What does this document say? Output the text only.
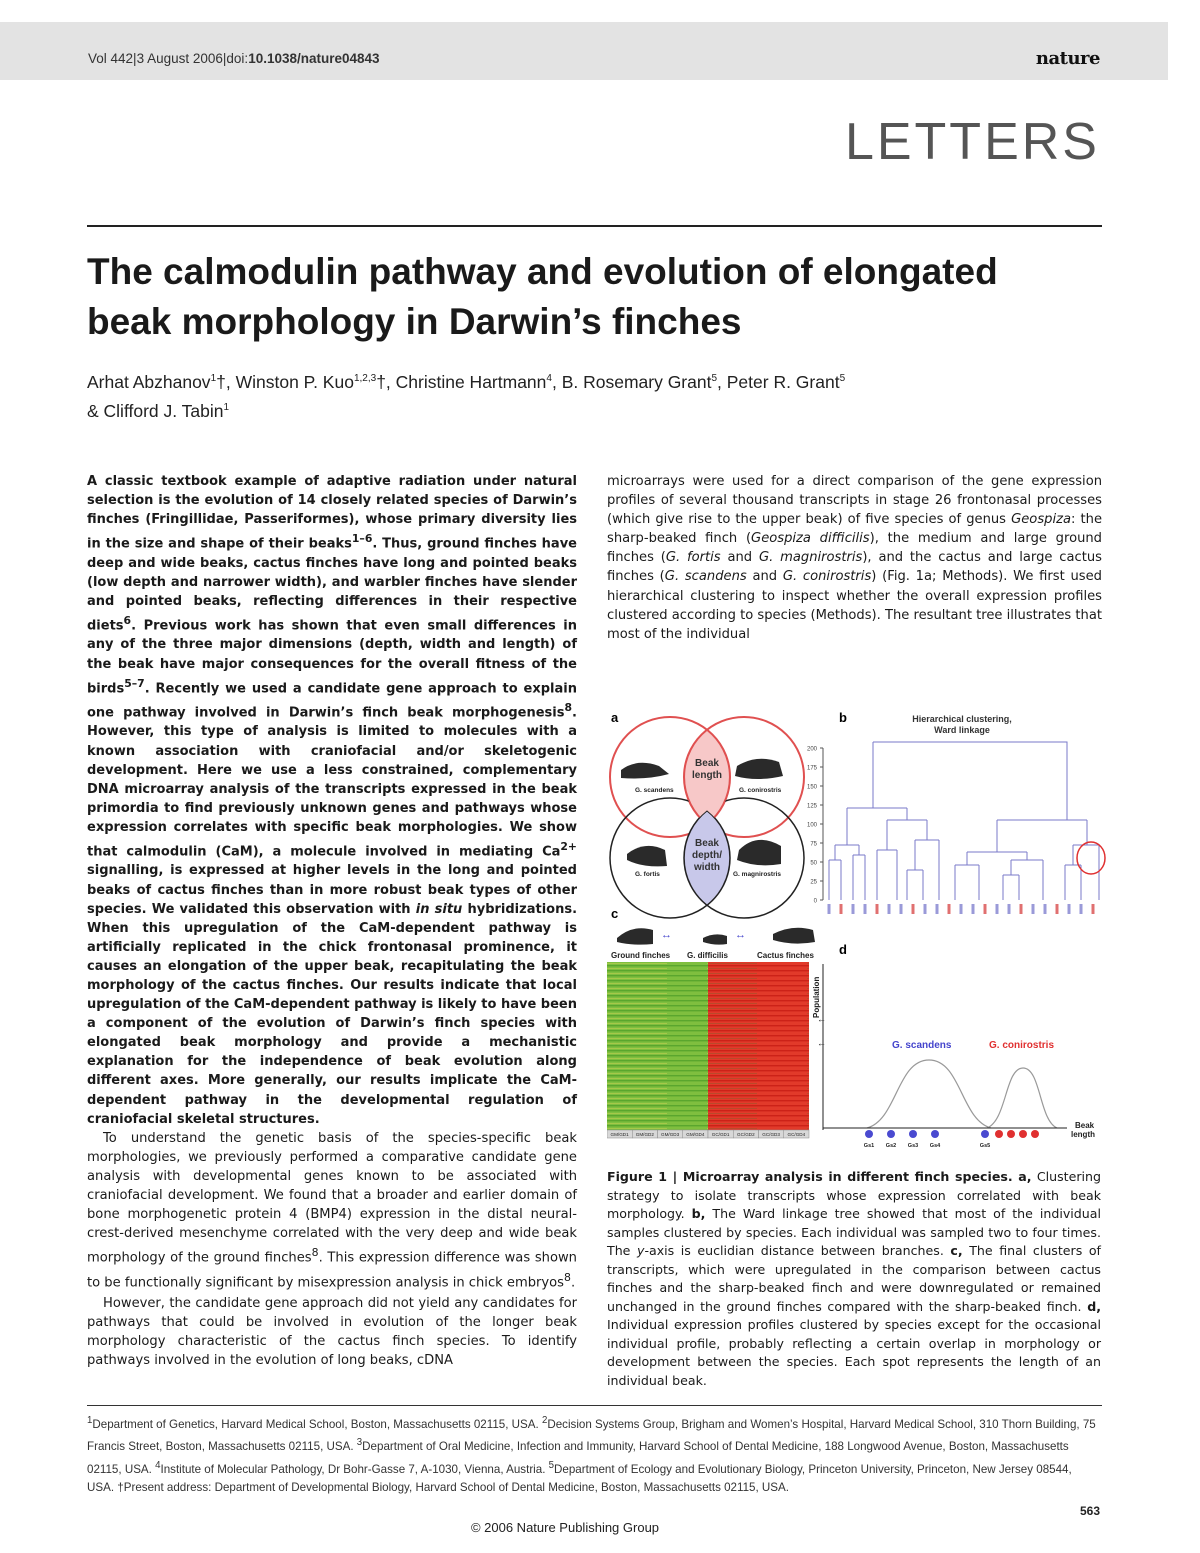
Vol 442|3 August 2006|doi:10.1038/nature04843	nature
LETTERS
The calmodulin pathway and evolution of elongated
beak morphology in Darwin’s finches
Arhat Abzhanov$^1$†, Winston P. Kuo$^{1,2,3}$†, Christine Hartmann$^4$, B. Rosemary Grant$^5$, Peter R. Grant$^5$
& Clifford J. Tabin$^1$

A classic textbook example of adaptive radiation under natural selection is the evolution of 14 closely related species of Darwin’s finches (Fringillidae, Passeriformes), whose primary diversity lies in the size and shape of their beaks$^{1-6}$. Thus, ground finches have deep and wide beaks, cactus finches have long and pointed beaks (low depth and narrower width), and warbler finches have slender and pointed beaks, reflecting differences in their respective diets$^6$. Previous work has shown that even small differences in any of the three major dimensions (depth, width and length) of the beak have major consequences for the overall fitness of the birds$^{5-7}$. Recently we used a candidate gene approach to explain one pathway involved in Darwin’s finch beak morphogenesis$^8$. However, this type of analysis is limited to molecules with a known association with craniofacial and/or skeletogenic development. Here we use a less constrained, complementary DNA microarray analysis of the transcripts expressed in the beak primordia to find previously unknown genes and pathways whose expression correlates with specific beak morphologies. We show that calmodulin (CaM), a molecule involved in mediating $Ca^{2+}$ signalling, is expressed at higher levels in the long and pointed beaks of cactus finches than in more robust beak types of other species. We validated this observation with in situ hybridizations. When this upregulation of the CaM-dependent pathway is artificially replicated in the chick frontonasal prominence, it causes an elongation of the upper beak, recapitulating the beak morphology of the cactus finches. Our results indicate that local upregulation of the CaM-dependent pathway is likely to have been a component of the evolution of Darwin’s finch species with elongated beak morphology and provide a mechanistic explanation for the independence of beak evolution along different axes. More generally, our results implicate the CaM-dependent pathway in the developmental regulation of craniofacial skeletal structures.

To understand the genetic basis of the species-specific beak morphologies, we previously performed a comparative candidate gene analysis with developmental genes known to be associated with craniofacial development. We found that a broader and earlier domain of bone morphogenetic protein 4 (BMP4) expression in the distal neural-crest-derived mesenchyme correlated with the very deep and wide beak morphology of the ground finches$^8$. This expression difference was shown to be functionally significant by misexpression analysis in chick embryos$^8$.

However, the candidate gene approach did not yield any candidates for pathways that could be involved in evolution of the longer beak morphology characteristic of the cactus finch species. To identify pathways involved in the evolution of long beaks, cDNA

microarrays were used for a direct comparison of the gene expression profiles of several thousand transcripts in stage 26 frontonasal processes (which give rise to the upper beak) of five species of genus Geospiza: the sharp-beaked finch (Geospiza difficilis), the medium and large ground finches (G. fortis and G. magnirostris), and the cactus and large cactus finches (G. scandens and G. conirostris) (Fig. 1a; Methods). We first used hierarchical clustering to inspect whether the overall expression profiles clustered according to species (Methods). The resultant tree illustrates that most of the individual

a
Beak length
Beak depth/ width
G. scandens	G. conirostris
G. fortis	G. magnirostris
b	Hierarchical clustering, Ward linkage
200
175
150
125
100
75
50
25
0
c
↔	↔
Ground finches G. difficilis	Cactus finches
GM/GD1 GM/GD2 GM/GD3 GM/GD4 GC/GD1 GC/GD2 GC/GD3 GC/GD4
d
Population
←
←	G. scandens	G. conirostris
Beak length
Gs1 Gs2 Gs3 Gs4	Gs5
Figure 1 | Microarray analysis in different finch species. a, Clustering strategy to isolate transcripts whose expression correlated with beak morphology. b, The Ward linkage tree showed that most of the individual samples clustered by species. Each individual was sampled two to four times. The y-axis is euclidian distance between branches. c, The final clusters of transcripts, which were upregulated in the comparison between cactus finches and the sharp-beaked finch and were downregulated or remained unchanged in the ground finches compared with the sharp-beaked finch. d, Individual expression profiles clustered by species except for the occasional individual profile, probably reflecting a certain overlap in morphology or development between the species. Each spot represents the length of an individual beak.
$^1$Department of Genetics, Harvard Medical School, Boston, Massachusetts 02115, USA. $^2$Decision Systems Group, Brigham and Women’s Hospital, Harvard Medical School, 310 Thorn Building, 75 Francis Street, Boston, Massachusetts 02115, USA. $^3$Department of Oral Medicine, Infection and Immunity, Harvard School of Dental Medicine, 188 Longwood Avenue, Boston, Massachusetts 02115, USA. $^4$Institute of Molecular Pathology, Dr Bohr-Gasse 7, A-1030, Vienna, Austria. $^5$Department of Ecology and Evolutionary Biology, Princeton University, Princeton, New Jersey 08544, USA. †Present address: Department of Developmental Biology, Harvard School of Dental Medicine, Boston, Massachusetts 02115, USA.
563
© 2006 Nature Publishing Group
